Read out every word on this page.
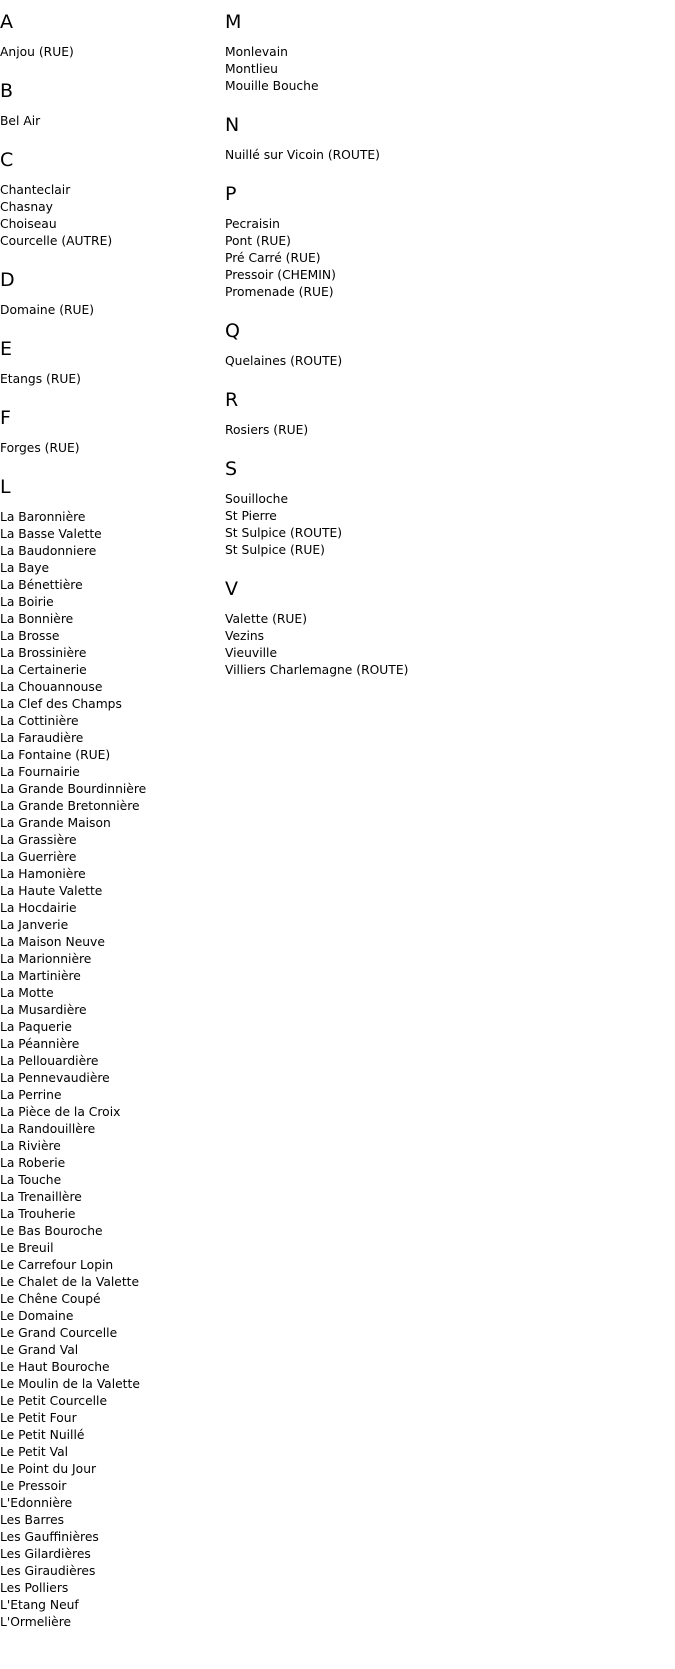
A
Anjou (RUE)
B
Bel Air
C
Chanteclair
Chasnay
Choiseau
Courcelle (AUTRE)
D
Domaine (RUE)
E
Etangs (RUE)
F
Forges (RUE)
L
La Baronnière
La Basse Valette
La Baudonniere
La Baye
La Bénettière
La Boirie
La Bonnière
La Brosse
La Brossinière
La Certainerie
La Chouannouse
La Clef des Champs
La Cottinière
La Faraudière
La Fontaine (RUE)
La Fournairie
La Grande Bourdinnière
La Grande Bretonnière
La Grande Maison
La Grassière
La Guerrière
La Hamonière
La Haute Valette
La Hocdairie
La Janverie
La Maison Neuve
La Marionnière
La Martinière
La Motte
La Musardière
La Paquerie
La Péannière
La Pellouardière
La Pennevaudière
La Perrine
La Pièce de la Croix
La Randouillère
La Rivière
La Roberie
La Touche
La Trenaillère
La Trouherie
Le Bas Bouroche
Le Breuil
Le Carrefour Lopin
Le Chalet de la Valette
Le Chêne Coupé
Le Domaine
Le Grand Courcelle
Le Grand Val
Le Haut Bouroche
Le Moulin de la Valette
Le Petit Courcelle
Le Petit Four
Le Petit Nuillé
Le Petit Val
Le Point du Jour
Le Pressoir
L'Edonnière
Les Barres
Les Gauffinières
Les Gilardières
Les Giraudières
Les Polliers
L'Etang Neuf
L'Ormelière
M
Monlevain
Montlieu
Mouille Bouche
N
Nuillé sur Vicoin (ROUTE)
P
Pecraisin
Pont (RUE)
Pré Carré (RUE)
Pressoir (CHEMIN)
Promenade (RUE)
Q
Quelaines (ROUTE)
R
Rosiers (RUE)
S
Souilloche
St Pierre
St Sulpice (ROUTE)
St Sulpice (RUE)
V
Valette (RUE)
Vezins
Vieuville
Villiers Charlemagne (ROUTE)
